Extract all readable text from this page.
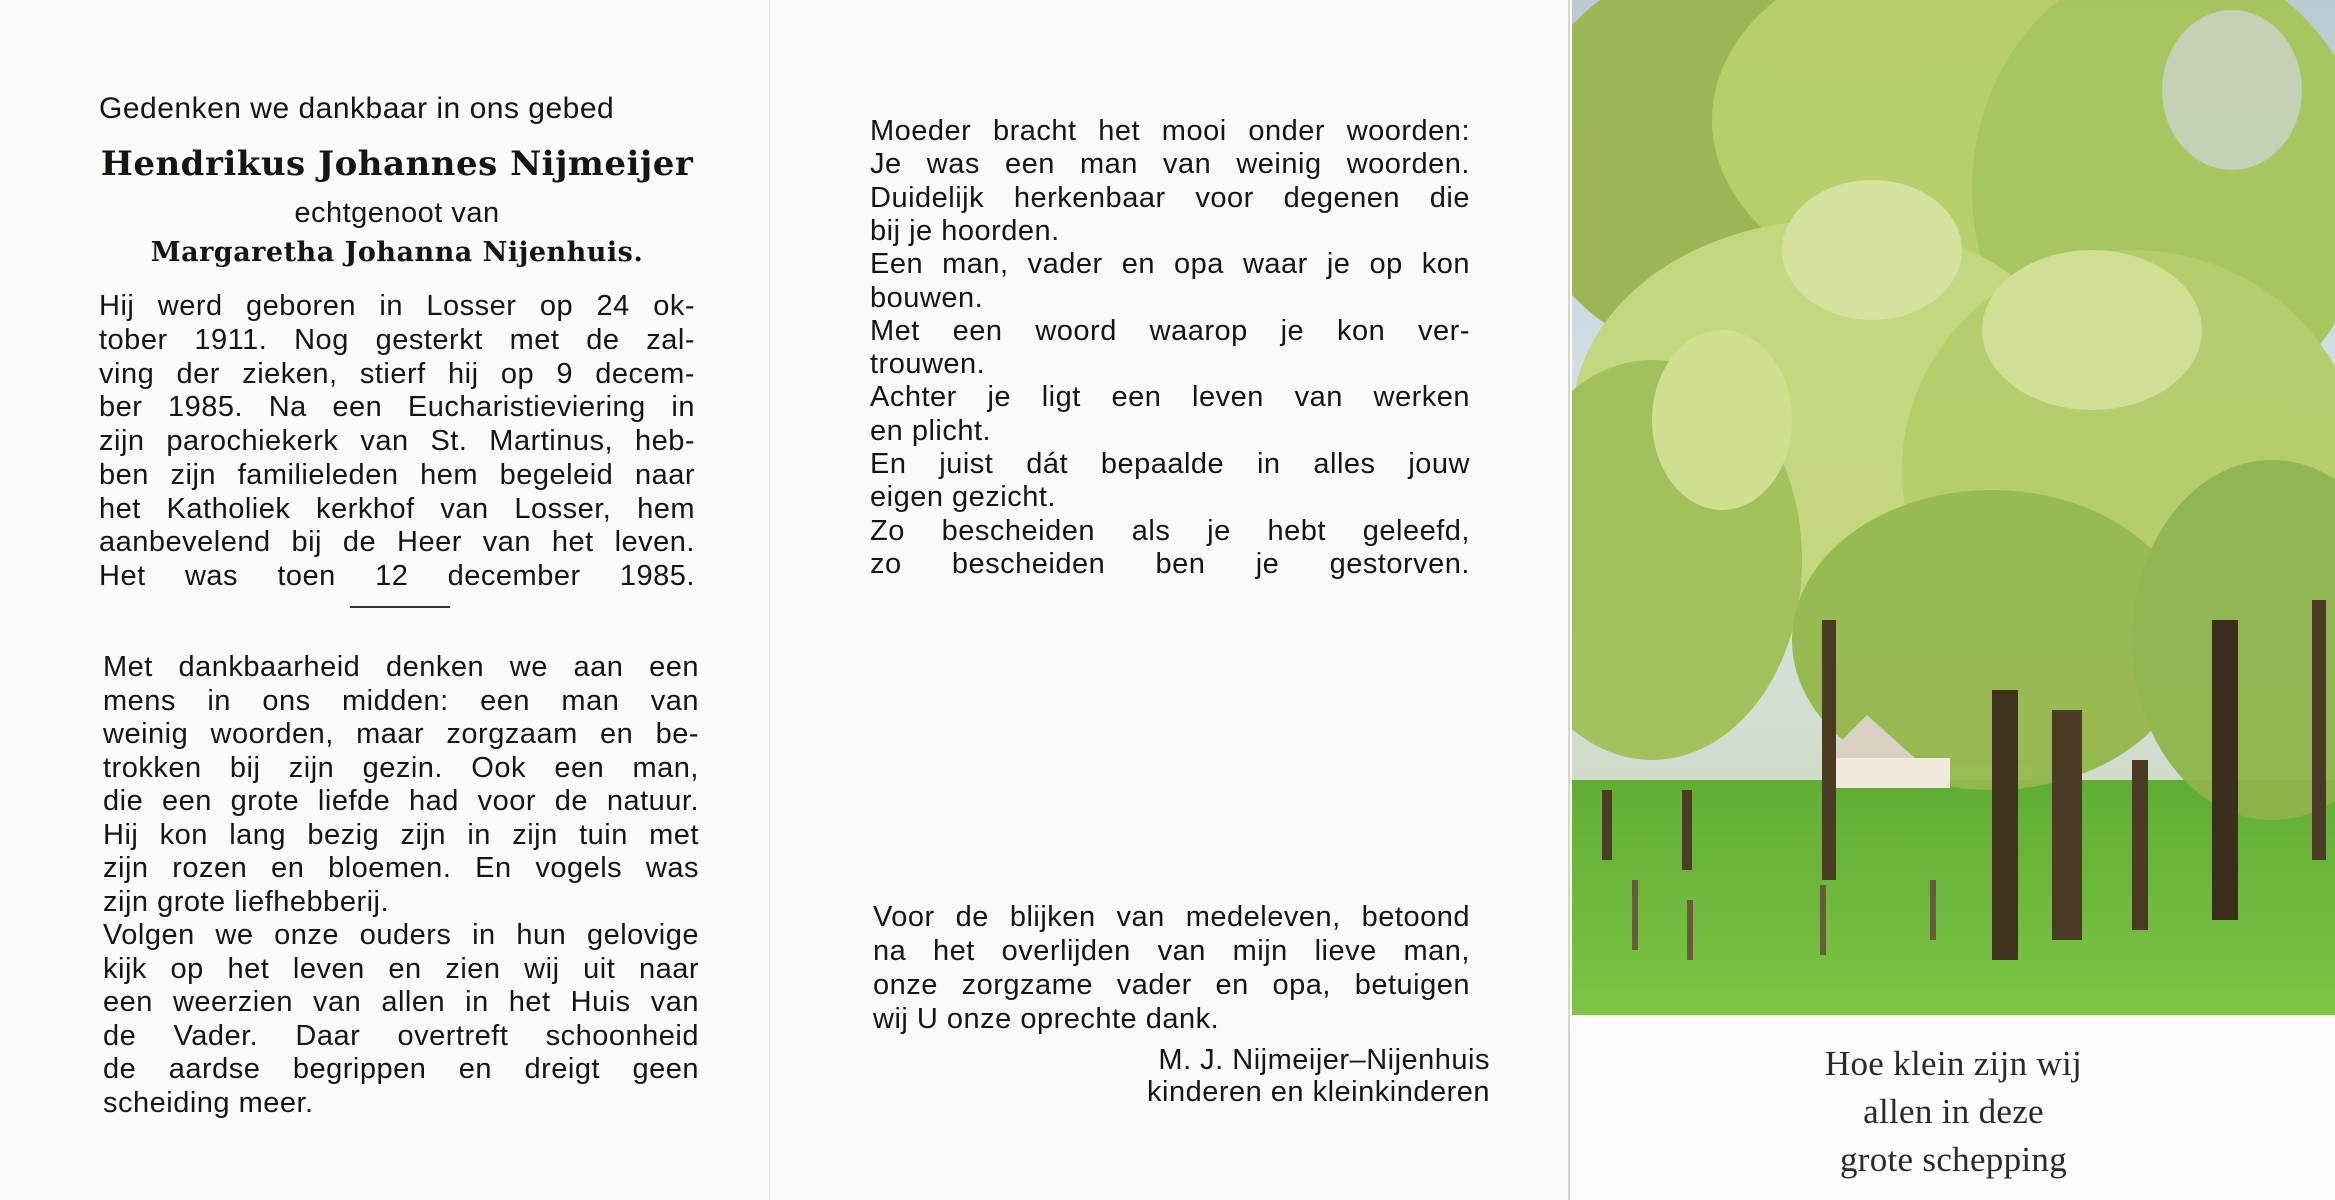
Gedenken we dankbaar in ons gebed
Hendrikus Johannes Nijmeijer
echtgenoot van
Margaretha Johanna Nijenhuis.
Hij werd geboren in Losser op 24 ok-
tober 1911. Nog gesterkt met de zal-
ving der zieken, stierf hij op 9 decem-
ber 1985. Na een Eucharistieviering in
zijn parochiekerk van St. Martinus, heb-
ben zijn familieleden hem begeleid naar
het Katholiek kerkhof van Losser, hem
aanbevelend bij de Heer van het leven.
Het was toen 12 december 1985.
Met dankbaarheid denken we aan een
mens in ons midden: een man van
weinig woorden, maar zorgzaam en be-
trokken bij zijn gezin. Ook een man,
die een grote liefde had voor de natuur.
Hij kon lang bezig zijn in zijn tuin met
zijn rozen en bloemen. En vogels was
zijn grote liefhebberij.
Volgen we onze ouders in hun gelovige
kijk op het leven en zien wij uit naar
een weerzien van allen in het Huis van
de Vader. Daar overtreft schoonheid
de aardse begrippen en dreigt geen
scheiding meer.
Moeder bracht het mooi onder woorden:
Je was een man van weinig woorden.
Duidelijk herkenbaar voor degenen die
bij je hoorden.
Een man, vader en opa waar je op kon
bouwen.
Met een woord waarop je kon ver-
trouwen.
Achter je ligt een leven van werken
en plicht.
En juist dát bepaalde in alles jouw
eigen gezicht.
Zo bescheiden als je hebt geleefd,
zo bescheiden ben je gestorven.
Voor de blijken van medeleven, betoond
na het overlijden van mijn lieve man,
onze zorgzame vader en opa, betuigen
wij U onze oprechte dank.
M. J. Nijmeijer–Nijenhuis
kinderen en kleinkinderen
Hoe klein zijn wij
allen in deze
grote schepping
